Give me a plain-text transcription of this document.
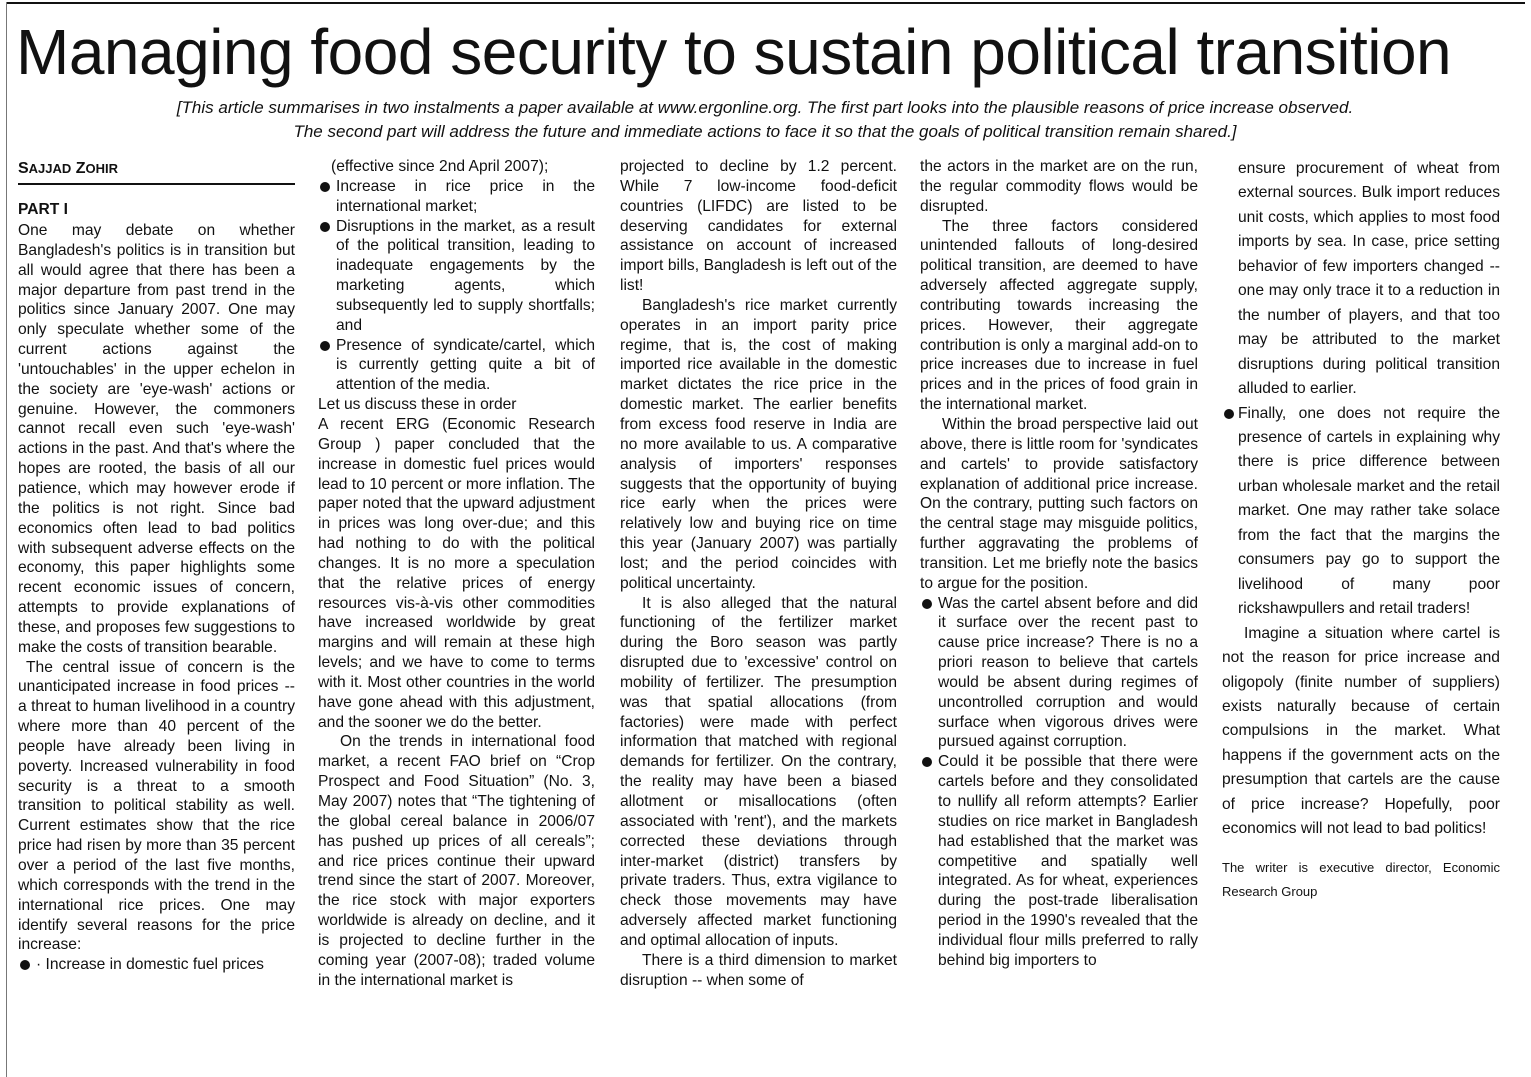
Managing food security to sustain political transition

[This article summarises in two instalments a paper available at www.ergonline.org. The first part looks into the plausible reasons of price increase observed.

The second part will address the future and immediate actions to face it so that the goals of political transition remain shared.]

SAJJAD ZOHIR

PART I

One may debate on whether Bangladesh's politics is in transition but all would agree that there has been a major departure from past trend in the politics since January 2007. One may only speculate whether some of the current actions against the 'untouchables' in the upper echelon in the society are 'eye-wash' actions or genuine. However, the commoners cannot recall even such 'eye-wash' actions in the past. And that's where the hopes are rooted, the basis of all our patience, which may however erode if the politics is not right. Since bad economics often lead to bad politics with subsequent adverse effects on the economy, this paper highlights some recent economic issues of concern, attempts to provide explanations of these, and proposes few suggestions to make the costs of transition bearable.

The central issue of concern is the unanticipated increase in food prices -- a threat to human livelihood in a country where more than 40 percent of the people have already been living in poverty. Increased vulnerability in food security is a threat to a smooth transition to political stability as well. Current estimates show that the rice price had risen by more than 35 percent over a period of the last five months, which corresponds with the trend in the international rice prices. One may identify several reasons for the price increase:

· Increase in domestic fuel prices

(effective since 2nd April 2007);

Increase in rice price in the international market;

Disruptions in the market, as a result of the political transition, leading to inadequate engagements by the marketing agents, which subsequently led to supply shortfalls; and

Presence of syndicate/cartel, which is currently getting quite a bit of attention of the media.

Let us discuss these in order

A recent ERG (Economic Research Group ) paper concluded that the increase in domestic fuel prices would lead to 10 percent or more inflation. The paper noted that the upward adjustment in prices was long over-due; and this had nothing to do with the political changes. It is no more a speculation that the relative prices of energy resources vis-à-vis other commodities have increased worldwide by great margins and will remain at these high levels; and we have to come to terms with it. Most other countries in the world have gone ahead with this adjustment, and the sooner we do the better.

On the trends in international food market, a recent FAO brief on “Crop Prospect and Food Situation” (No. 3, May 2007) notes that “The tightening of the global cereal balance in 2006/07 has pushed up prices of all cereals”; and rice prices continue their upward trend since the start of 2007. Moreover, the rice stock with major exporters worldwide is already on decline, and it is projected to decline further in the coming year (2007-08); traded volume in the international market is

projected to decline by 1.2 percent. While 7 low-income food-deficit countries (LIFDC) are listed to be deserving candidates for external assistance on account of increased import bills, Bangladesh is left out of the list!

Bangladesh's rice market currently operates in an import parity price regime, that is, the cost of making imported rice available in the domestic market dictates the rice price in the domestic market. The earlier benefits from excess food reserve in India are no more available to us. A comparative analysis of importers' responses suggests that the opportunity of buying rice early when the prices were relatively low and buying rice on time this year (January 2007) was partially lost; and the period coincides with political uncertainty.

It is also alleged that the natural functioning of the fertilizer market during the Boro season was partly disrupted due to 'excessive' control on mobility of fertilizer. The presumption was that spatial allocations (from factories) were made with perfect information that matched with regional demands for fertilizer. On the contrary, the reality may have been a biased allotment or misallocations (often associated with 'rent'), and the markets corrected these deviations through inter-market (district) transfers by private traders. Thus, extra vigilance to check those movements may have adversely affected market functioning and optimal allocation of inputs.

There is a third dimension to market disruption -- when some of

the actors in the market are on the run, the regular commodity flows would be disrupted.

The three factors considered unintended fallouts of long-desired political transition, are deemed to have adversely affected aggregate supply, contributing towards increasing the prices. However, their aggregate contribution is only a marginal add-on to price increases due to increase in fuel prices and in the prices of food grain in the international market.

Within the broad perspective laid out above, there is little room for 'syndicates and cartels' to provide satisfactory explanation of additional price increase. On the contrary, putting such factors on the central stage may misguide politics, further aggravating the problems of transition. Let me briefly note the basics to argue for the position.

Was the cartel absent before and did it surface over the recent past to cause price increase? There is no a priori reason to believe that cartels would be absent during regimes of uncontrolled corruption and would surface when vigorous drives were pursued against corruption.

Could it be possible that there were cartels before and they consolidated to nullify all reform attempts? Earlier studies on rice market in Bangladesh had established that the market was competitive and spatially well integrated. As for wheat, experiences during the post-trade liberalisation period in the 1990's revealed that the individual flour mills preferred to rally behind big importers to

ensure procurement of wheat from external sources. Bulk import reduces unit costs, which applies to most food imports by sea. In case, price setting behavior of few importers changed -- one may only trace it to a reduction in the number of players, and that too may be attributed to the market disruptions during political transition alluded to earlier.

Finally, one does not require the presence of cartels in explaining why there is price difference between urban wholesale market and the retail market. One may rather take solace from the fact that the margins the consumers pay go to support the livelihood of many poor rickshawpullers and retail traders!

Imagine a situation where cartel is not the reason for price increase and oligopoly (finite number of suppliers) exists naturally because of certain compulsions in the market. What happens if the government acts on the presumption that cartels are the cause of price increase? Hopefully, poor economics will not lead to bad politics!

The writer is executive director, Economic Research Group
